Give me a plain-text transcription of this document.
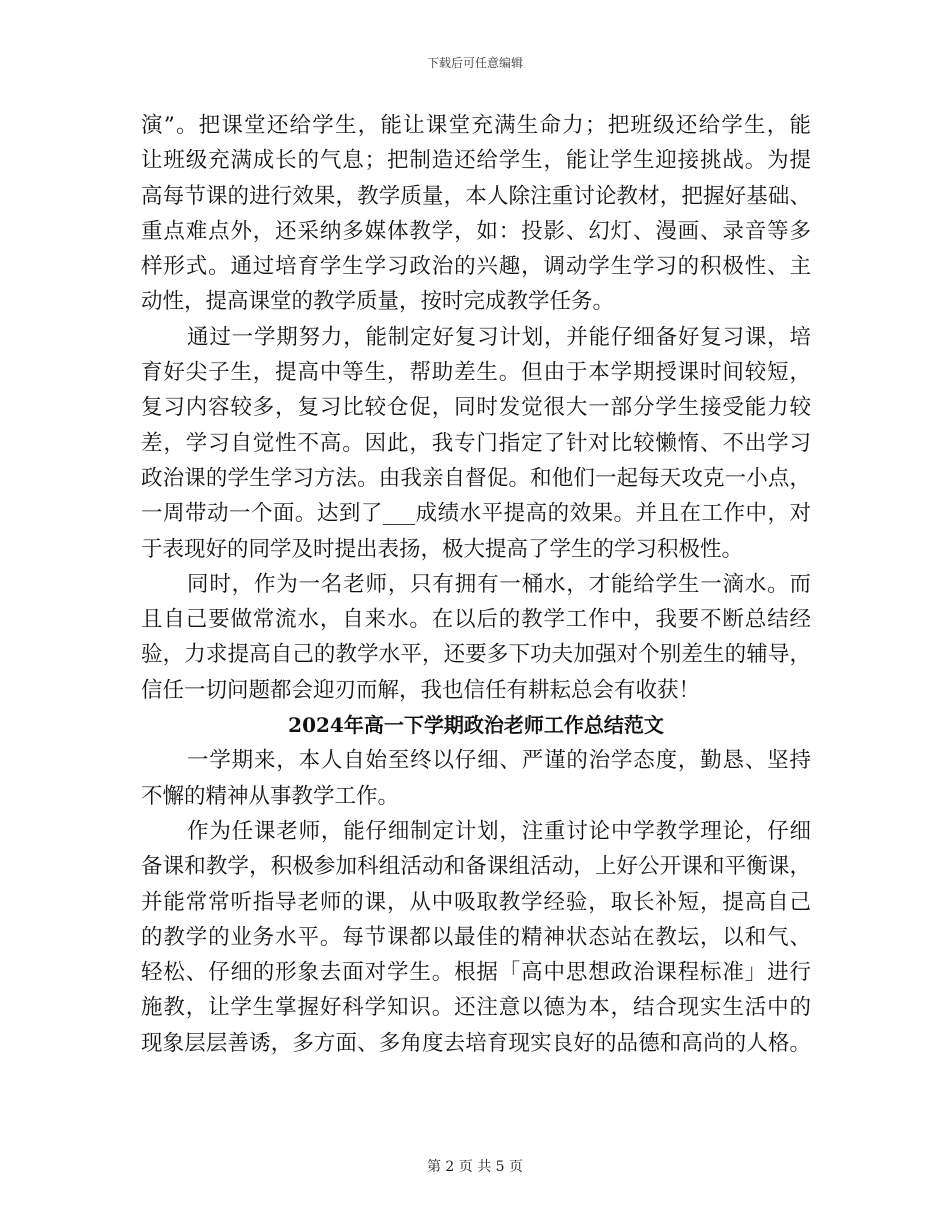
下载后可任意编辑
演”。把课堂还给学生，能让课堂充满生命力；把班级还给学生，能
让班级充满成长的气息；把制造还给学生，能让学生迎接挑战。为提
高每节课的进行效果，教学质量，本人除注重讨论教材，把握好基础、
重点难点外，还采纳多媒体教学，如：投影、幻灯、漫画、录音等多
样形式。通过培育学生学习政治的兴趣，调动学生学习的积极性、主
动性，提高课堂的教学质量，按时完成教学任务。
通过一学期努力，能制定好复习计划，并能仔细备好复习课，培
育好尖子生，提高中等生，帮助差生。但由于本学期授课时间较短，
复习内容较多，复习比较仓促，同时发觉很大一部分学生接受能力较
差，学习自觉性不高。因此，我专门指定了针对比较懒惰、不出学习
政治课的学生学习方法。由我亲自督促。和他们一起每天攻克一小点，
一周带动一个面。达到了___成绩水平提高的效果。并且在工作中，对
于表现好的同学及时提出表扬，极大提高了学生的学习积极性。
同时，作为一名老师，只有拥有一桶水，才能给学生一滴水。而
且自己要做常流水，自来水。在以后的教学工作中，我要不断总结经
验，力求提高自己的教学水平，还要多下功夫加强对个别差生的辅导，
信任一切问题都会迎刃而解，我也信任有耕耘总会有收获！
2024年高一下学期政治老师工作总结范文
一学期来，本人自始至终以仔细、严谨的治学态度，勤恳、坚持
不懈的精神从事教学工作。
作为任课老师，能仔细制定计划，注重讨论中学教学理论，仔细
备课和教学，积极参加科组活动和备课组活动，上好公开课和平衡课，
并能常常听指导老师的课，从中吸取教学经验，取长补短，提高自己
的教学的业务水平。每节课都以最佳的精神状态站在教坛，以和气、
轻松、仔细的形象去面对学生。根据「高中思想政治课程标准」进行
施教，让学生掌握好科学知识。还注意以德为本，结合现实生活中的
现象层层善诱，多方面、多角度去培育现实良好的品德和高尚的人格。
第 2 页 共 5 页
